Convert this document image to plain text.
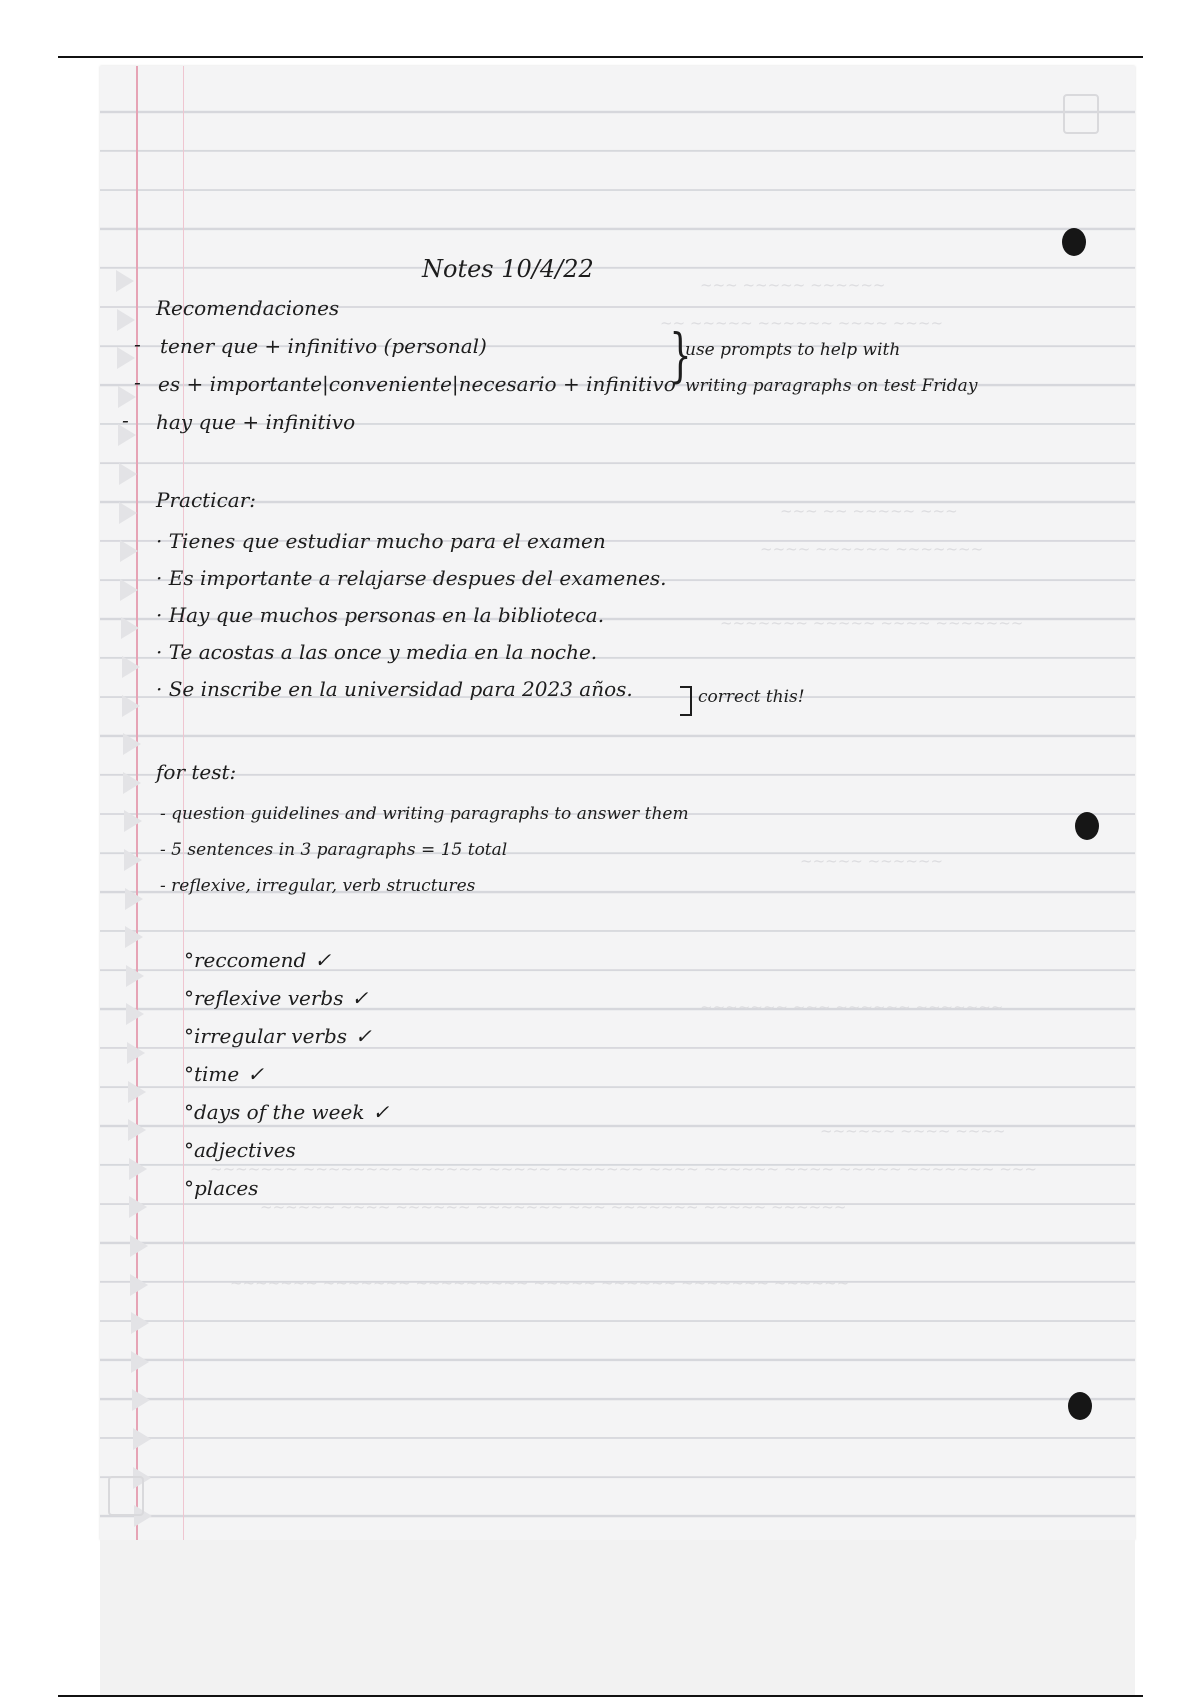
~~~ ~~~~~ ~~~~~~
~~ ~~~~~ ~~~~~~ ~~~~ ~~~~
~~~ ~~ ~~~~~ ~~~
~~~~ ~~~~~~ ~~~~~~~
~~~~~~~ ~~~~~ ~~~~ ~~~~~~~
~~~~~ ~~~~~~
~~~~~~~ ~~~ ~~~~~~ ~~~~~~~
~~~~~~ ~~~~ ~~~~
~~~~~~~ ~~~~~~~~ ~~~~~~ ~~~~~ ~~~~~~~ ~~~~ ~~~~~~ ~~~~ ~~~~~ ~~~~~~~ ~~~
~~~~~~ ~~~~ ~~~~~~ ~~~~~~~ ~~~ ~~~~~~~ ~~~~~ ~~~~~~
~~~~~~~ ~~~~~~~ ~~~~~~~~~ ~~~~~ ~~~~~~ ~~~~~~~ ~~~~~~
Notes 10/4/22
Recomendaciones
- tener que + infinitivo (personal)
- es + importante|conveniente|necesario + infinitivo
- hay que + infinitivo
}
use prompts to help with
writing paragraphs on test Friday
Practicar:
· Tienes que estudiar mucho para el examen
· Es importante a relajarse despues del examenes.
· Hay que muchos personas en la biblioteca.
· Te acostas a las once y media en la noche.
· Se inscribe en la universidad para 2023 años.	correct this!
for test:
- question guidelines and writing paragraphs to answer them
- 5 sentences in 3 paragraphs = 15 total
- reflexive, irregular, verb structures
°reccomend ✓
°reflexive verbs ✓
°irregular verbs ✓
°time ✓
°days of the week ✓
°adjectives
°places
